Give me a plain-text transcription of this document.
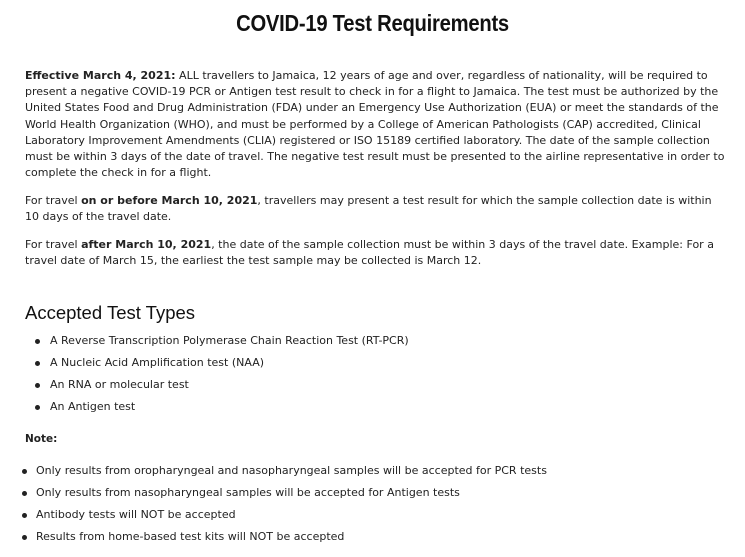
COVID-19 Test Requirements
Effective March 4, 2021: ALL travellers to Jamaica, 12 years of age and over, regardless of nationality, will be required to present a negative COVID-19 PCR or Antigen test result to check in for a flight to Jamaica. The test must be authorized by the United States Food and Drug Administration (FDA) under an Emergency Use Authorization (EUA) or meet the standards of the World Health Organization (WHO), and must be performed by a College of American Pathologists (CAP) accredited, Clinical Laboratory Improvement Amendments (CLIA) registered or ISO 15189 certified laboratory. The date of the sample collection must be within 3 days of the date of travel. The negative test result must be presented to the airline representative in order to complete the check in for a flight.
For travel on or before March 10, 2021, travellers may present a test result for which the sample collection date is within 10 days of the travel date.
For travel after March 10, 2021, the date of the sample collection must be within 3 days of the travel date. Example: For a travel date of March 15, the earliest the test sample may be collected is March 12.
Accepted Test Types
A Reverse Transcription Polymerase Chain Reaction Test (RT-PCR)
A Nucleic Acid Amplification test (NAA)
An RNA or molecular test
An Antigen test
Note:
Only results from oropharyngeal and nasopharyngeal samples will be accepted for PCR tests
Only results from nasopharyngeal samples will be accepted for Antigen tests
Antibody tests will NOT be accepted
Results from home-based test kits will NOT be accepted
